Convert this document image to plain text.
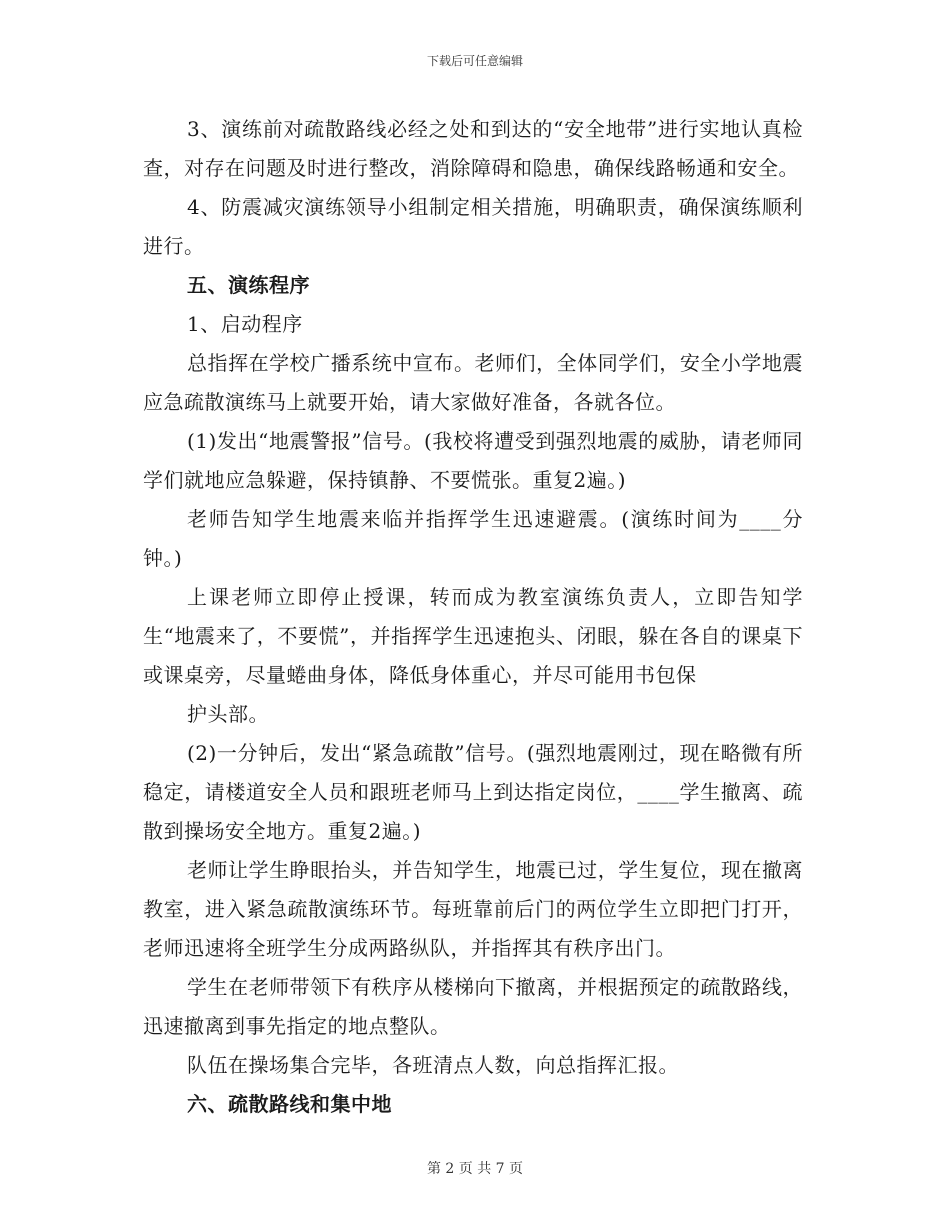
下载后可任意编辑

3、演练前对疏散路线必经之处和到达的“安全地带”进行实地认真检查，对存在问题及时进行整改，消除障碍和隐患，确保线路畅通和安全。

4、防震减灾演练领导小组制定相关措施，明确职责，确保演练顺利进行。

五、演练程序

1、启动程序

总指挥在学校广播系统中宣布。老师们，全体同学们，安全小学地震应急疏散演练马上就要开始，请大家做好准备，各就各位。

(1)发出“地震警报”信号。(我校将遭受到强烈地震的威胁，请老师同学们就地应急躲避，保持镇静、不要慌张。重复2遍。)

老师告知学生地震来临并指挥学生迅速避震。(演练时间为____分钟。)

上课老师立即停止授课，转而成为教室演练负责人，立即告知学生“地震来了，不要慌”，并指挥学生迅速抱头、闭眼，躲在各自的课桌下或课桌旁，尽量蜷曲身体，降低身体重心，并尽可能用书包保

护头部。

(2)一分钟后，发出“紧急疏散”信号。(强烈地震刚过，现在略微有所稳定，请楼道安全人员和跟班老师马上到达指定岗位，____学生撤离、疏散到操场安全地方。重复2遍。)

老师让学生睁眼抬头，并告知学生，地震已过，学生复位，现在撤离教室，进入紧急疏散演练环节。每班靠前后门的两位学生立即把门打开，老师迅速将全班学生分成两路纵队，并指挥其有秩序出门。

学生在老师带领下有秩序从楼梯向下撤离，并根据预定的疏散路线，迅速撤离到事先指定的地点整队。

队伍在操场集合完毕，各班清点人数，向总指挥汇报。

六、疏散路线和集中地

第 2 页 共 7 页
